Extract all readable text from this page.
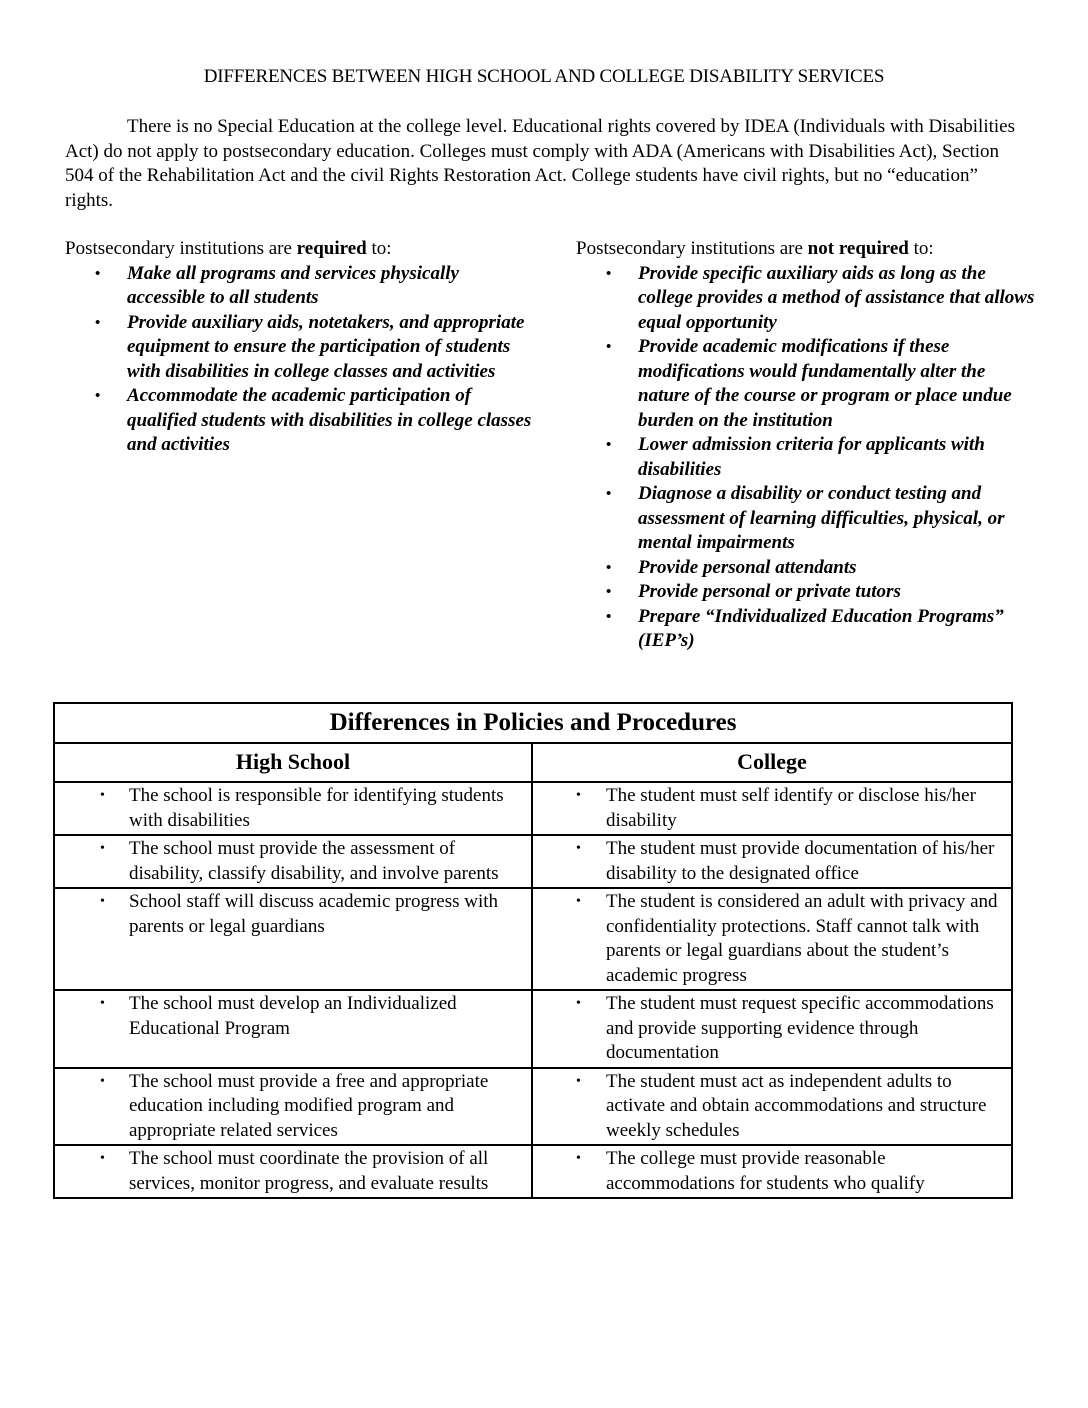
DIFFERENCES BETWEEN HIGH SCHOOL AND COLLEGE DISABILITY SERVICES

There is no Special Education at the college level. Educational rights covered by IDEA (Individuals with Disabilities Act) do not apply to postsecondary education. Colleges must comply with ADA (Americans with Disabilities Act), Section 504 of the Rehabilitation Act and the civil Rights Restoration Act. College students have civil rights, but no “education” rights.

Postsecondary institutions are required to:
• Make all programs and services physically accessible to all students
• Provide auxiliary aids, notetakers, and appropriate equipment to ensure the participation of students with disabilities in college classes and activities
• Accommodate the academic participation of qualified students with disabilities in college classes and activities
Postsecondary institutions are not required to:
• Provide specific auxiliary aids as long as the college provides a method of assistance that allows equal opportunity
• Provide academic modifications if these modifications would fundamentally alter the nature of the course or program or place undue burden on the institution
• Lower admission criteria for applicants with disabilities
• Diagnose a disability or conduct testing and assessment of learning difficulties, physical, or mental impairments
• Provide personal attendants
• Provide personal or private tutors
• Prepare “Individualized Education Programs” (IEP’s)
Differences in Policies and Procedures	
High School	College

• The school is responsible for identifying students with disabilities	• The student must self identify or disclose his/her disability

• The school must provide the assessment of disability, classify disability, and involve parents	• The student must provide documentation of his/her disability to the designated office

• School staff will discuss academic progress with parents or legal guardians	• The student is considered an adult with privacy and confidentiality protections. Staff cannot talk with parents or legal guardians about the student’s academic progress

• The school must develop an Individualized Educational Program	• The student must request specific accommodations and provide supporting evidence through documentation

• The school must provide a free and appropriate education including modified program and appropriate related services	• The student must act as independent adults to activate and obtain accommodations and structure weekly schedules

• The school must coordinate the provision of all services, monitor progress, and evaluate results	• The college must provide reasonable accommodations for students who qualify
